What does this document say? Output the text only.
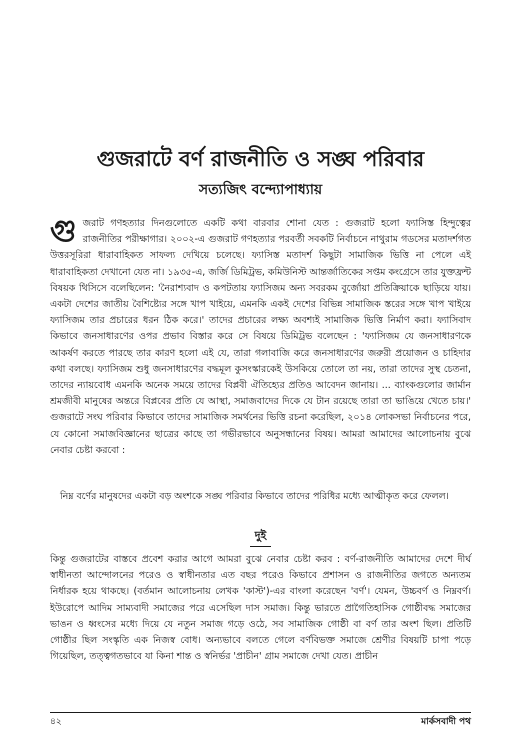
গুজরাটে বর্ণ রাজনীতি ও সঙ্ঘ পরিবার
সত্যজিৎ বন্দ্যোপাধ্যায়
গুজরাট গণহত্যার দিনগুলোতে একটি কথা বারবার শোনা যেত : গুজরাট হলো ফ্যাসিস্ত হিন্দুত্বের রাজনীতির পরীক্ষাগার। ২০০২-এ গুজরাট গণহত্যার পরবর্তী সবকটি নির্বাচনে নাথুরাম গডসের মতাদর্শগত উত্তরসূরিরা ধারাবাহিকত সাফল্য দেখিয়ে চলেছে। ফ্যাসিস্ত মতাদর্শ কিছুটা সামাজিক ভিত্তি না পেলে এই ধারাবাহিকতা দেখানো যেত না। ১৯৩৫-এ, জর্জি ডিমিট্রভ, কমিউনিস্ট আন্তর্জাতিকের সপ্তম কংগ্রেসে তার যুক্তফ্রন্ট বিষয়ক থিসিসে বলেছিলেন: 'নৈরাশ্যবাদ ও কপটতায় ফ্যাসিজম অন্য সবরকম বুর্জোয়া প্রতিক্রিয়াকে ছাড়িয়ে যায়। একটা দেশের জাতীয় বৈশিষ্ট্যের সঙ্গে খাপ খাইয়ে, এমনকি একই দেশের বিভিন্ন সামাজিক স্তরের সঙ্গে খাপ খাইয়ে ফ্যাসিজম তার প্রচারের ধরন ঠিক করে।' তাদের প্রচারের লক্ষ্য অবশ্যই সামাজিক ভিত্তি নির্মাণ করা। ফ্যাসিবাদ কিভাবে জনসাধারণের ওপর প্রভাব বিস্তার করে সে বিষয়ে ডিমিট্রভ বলেছেন : 'ফ্যাসিজম যে জনসাধারণকে আকর্ষণ করতে পারছে তার কারণ হলো এই যে, তারা গলাবাজি করে জনসাধারণের জরুরী প্রয়োজন ও চাহিদার কথা বলছে। ফ্যাসিজম শুধু জনসাধারণের বদ্ধমূল কুসংস্কারকেই উসকিয়ে তোলে তা নয়, তারা তাদের সুস্থ চেতনা, তাদের ন্যায়বোধ এমনকি অনেক সময়ে তাদের বিপ্লবী ঐতিহ্যের প্রতিও আবেদন জানায়। ... ব্যাংকগুলোর জার্মান শ্রমজীবী মানুষের অন্তরে বিপ্লবের প্রতি যে আস্থা, সমাজবাদের দিকে যে টান রয়েছে তারা তা ভাঙিয়ে খেতে চায়।' গুজরাটে সংঘ পরিবার কিভাবে তাদের সামাজিক সমর্থনের ভিত্তি রচনা করেছিল, ২০১৪ লোকসভা নির্বাচনের পরে, যে কোনো সমাজবিজ্ঞানের ছাত্রের কাছে তা গভীরভাবে অনুসন্ধানের বিষয়। আমরা আমাদের আলোচনায় বুঝে নেবার চেষ্টা করবো :
নিম্ন বর্ণের মানুষদের একটা বড় অংশকে সঙ্ঘ পরিবার কিভাবে তাদের পরিধির মধ্যে আত্মীকৃত করে ফেলল।
দুই
কিন্তু গুজরাটের বাস্তবে প্রবেশ করার আগে আমরা বুঝে নেবার চেষ্টা করব : বর্ণ-রাজনীতি আমাদের দেশে দীর্ঘ স্বাধীনতা আন্দোলনের পরেও ও স্বাধীনতার এত বছর পরেও কিভাবে প্রশাসন ও রাজনীতির জগতে অন্যতম নির্ধারক হয়ে থাকছে। (বর্তমান আলোচনায় লেখক 'কাস্ট')-এর বাংলা করেছেন 'বর্ণ'। যেমন, উচ্চবর্ণ ও নিম্নবর্ণ। ইউরোপে আদিম সাম্যবাদী সমাজের পরে এসেছিল দাস সমাজ। কিন্তু ভারতে প্রাগৈতিহাসিক গোষ্ঠীবদ্ধ সমাজের ভাঙন ও ধ্বংসের মধ্যে দিয়ে যে নতুন সমাজ গড়ে ওঠে, সব সামাজিক গোষ্ঠী বা বর্ণ তার অংশ ছিল। প্রতিটি গোষ্ঠীর ছিল সংস্কৃতি এক নিজস্ব বোধ। অন্যভাবে বলতে গেলে বর্ণবিভক্ত সমাজে শ্রেণীর বিষয়টি চাপা পড়ে গিয়েছিল, তত্ত্বগতভাবে যা কিনা শান্ত ও স্বনির্ভর 'প্রাচীন' গ্রাম সমাজে দেখা যেত। প্রাচীন
৪২	মার্কসবাদী পথ
